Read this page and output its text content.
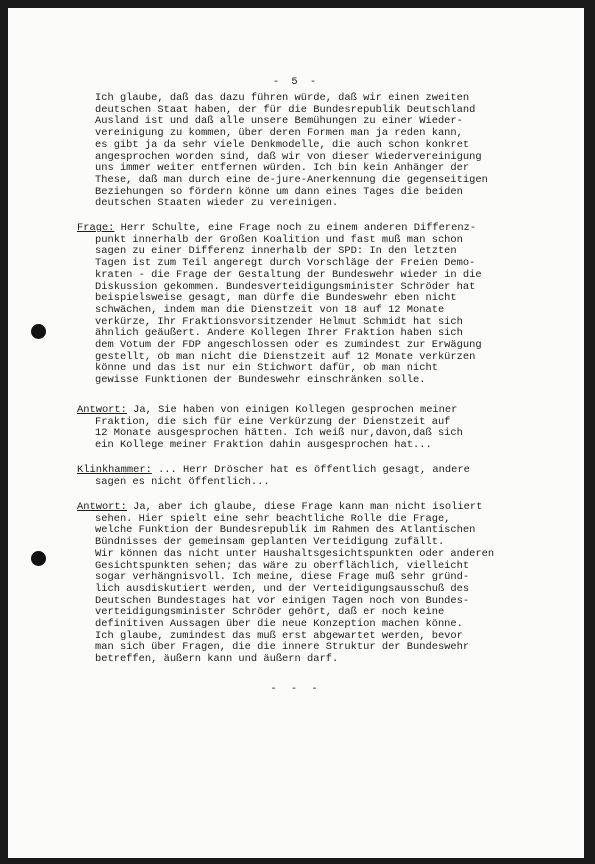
- 5 -
Ich glaube, daß das dazu führen würde, daß wir einen zweiten
deutschen Staat haben, der für die Bundesrepublik Deutschland
Ausland ist und daß alle unsere Bemühungen zu einer Wieder-
vereinigung zu kommen, über deren Formen man ja reden kann,
es gibt ja da sehr viele Denkmodelle, die auch schon konkret
angesprochen worden sind, daß wir von dieser Wiedervereinigung
uns immer weiter entfernen würden. Ich bin kein Anhänger der
These, daß man durch eine de-jure-Anerkennung die gegenseitigen
Beziehungen so fördern könne um dann eines Tages die beiden
deutschen Staaten wieder zu vereinigen.
Frage: Herr Schulte, eine Frage noch zu einem anderen Differenz-
punkt innerhalb der Großen Koalition und fast muß man schon
sagen zu einer Differenz innerhalb der SPD: In den letzten
Tagen ist zum Teil angeregt durch Vorschläge der Freien Demo-
kraten - die Frage der Gestaltung der Bundeswehr wieder in die
Diskussion gekommen. Bundesverteidigungsminister Schröder hat
beispielsweise gesagt, man dürfe die Bundeswehr eben nicht
schwächen, indem man die Dienstzeit von 18 auf 12 Monate
verkürze, Ihr Fraktionsvorsitzender Helmut Schmidt hat sich
ähnlich geäußert. Andere Kollegen Ihrer Fraktion haben sich
dem Votum der FDP angeschlossen oder es zumindest zur Erwägung
gestellt, ob man nicht die Dienstzeit auf 12 Monate verkürzen
könne und das ist nur ein Stichwort dafür, ob man nicht
gewisse Funktionen der Bundeswehr einschränken solle.
Antwort: Ja, Sie haben von einigen Kollegen gesprochen meiner
Fraktion, die sich für eine Verkürzung der Dienstzeit auf
12 Monate ausgesprochen hätten. Ich weiß nur,davon,daß sich
ein Kollege meiner Fraktion dahin ausgesprochen hat...
Klinkhammer: ... Herr Dröscher hat es öffentlich gesagt, andere
sagen es nicht öffentlich...
Antwort: Ja, aber ich glaube, diese Frage kann man nicht isoliert
sehen. Hier spielt eine sehr beachtliche Rolle die Frage,
welche Funktion der Bundesrepublik im Rahmen des Atlantischen
Bündnisses der gemeinsam geplanten Verteidigung zufällt.
Wir können das nicht unter Haushaltsgesichtspunkten oder anderen
Gesichtspunkten sehen; das wäre zu oberflächlich, vielleicht
sogar verhängnisvoll. Ich meine, diese Frage muß sehr gründ-
lich ausdiskutiert werden, und der Verteidigungsausschuß des
Deutschen Bundestages hat vor einigen Tagen noch von Bundes-
verteidigungsminister Schröder gehört, daß er noch keine
definitiven Aussagen über die neue Konzeption machen könne.
Ich glaube, zumindest das muß erst abgewartet werden, bevor
man sich über Fragen, die die innere Struktur der Bundeswehr
betreffen, äußern kann und äußern darf.
- - -
